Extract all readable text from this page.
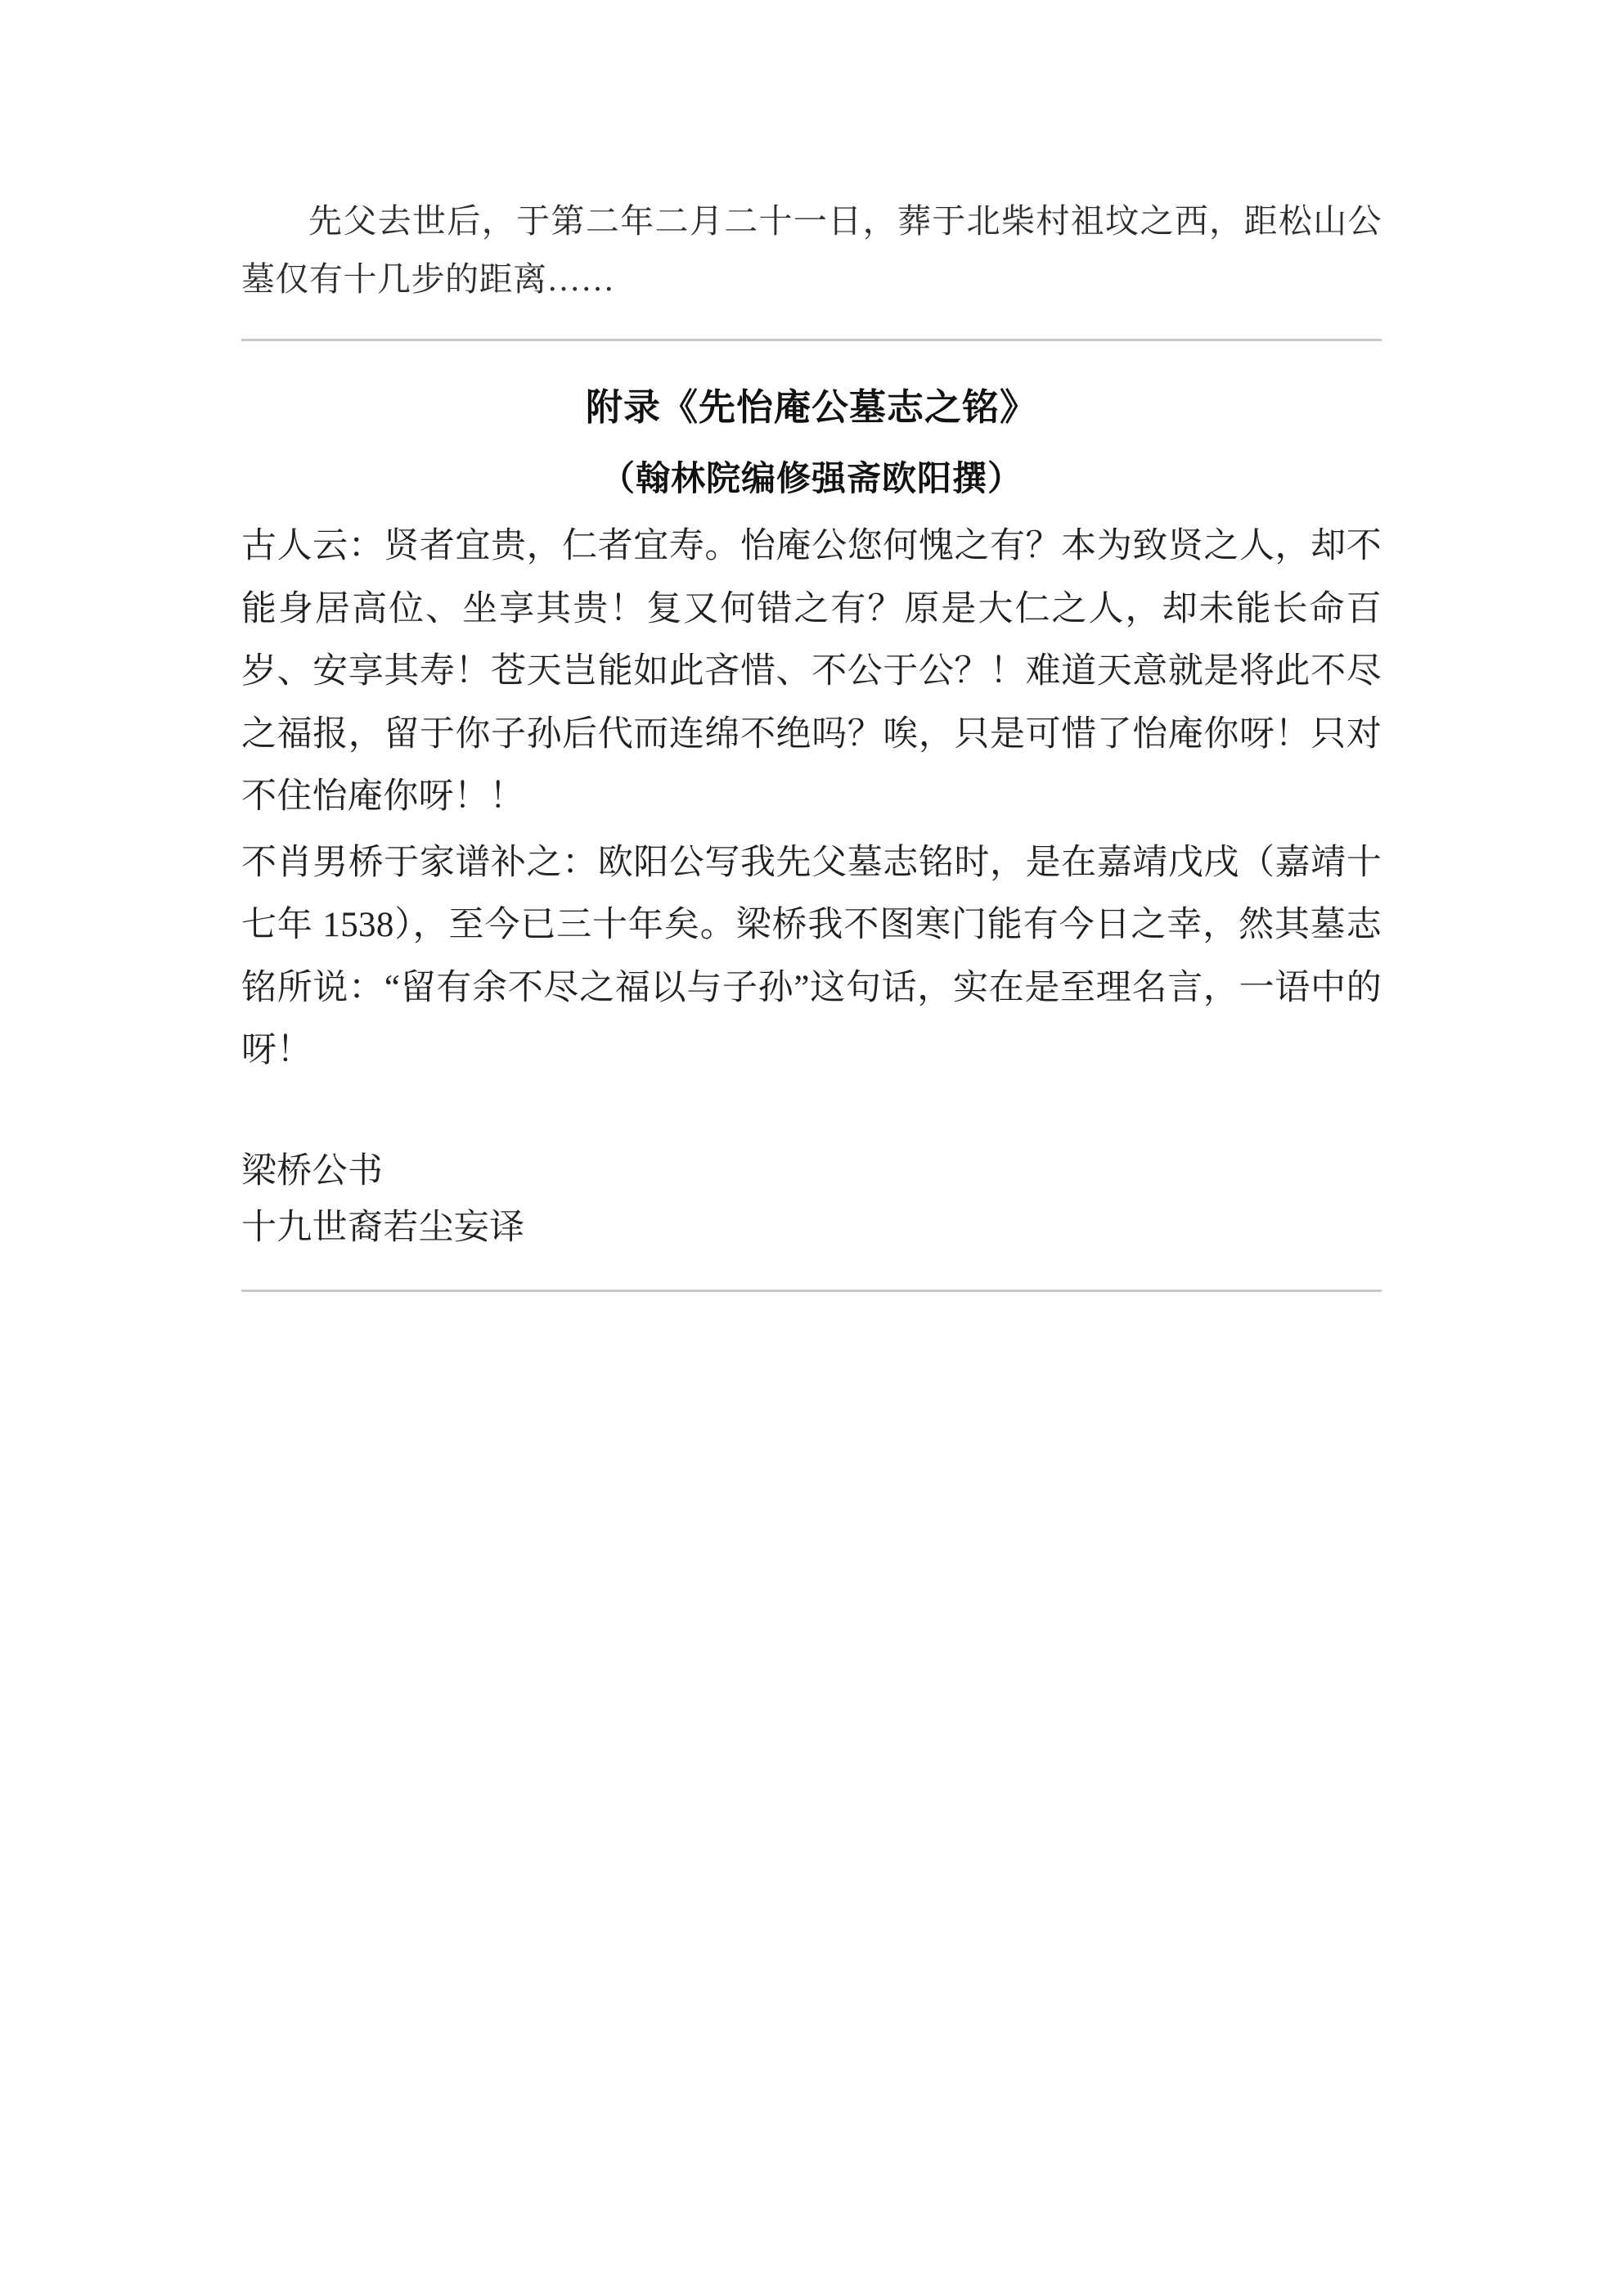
先父去世后，于第二年二月二十一日，葬于北柴村祖坟之西，距松山公墓仅有十几步的距离……

附录《先怡庵公墓志之铭》
（翰林院编修强斋欧阳撰）

古人云：贤者宜贵，仁者宜寿。怡庵公您何愧之有？本为致贤之人，却不能身居高位、坐享其贵！复又何错之有？原是大仁之人，却未能长命百岁、安享其寿！苍天岂能如此吝惜、不公于公？！难道天意就是将此不尽之福报，留于你子孙后代而连绵不绝吗？唉，只是可惜了怡庵你呀！只对不住怡庵你呀！！

不肖男桥于家谱补之：欧阳公写我先父墓志铭时，是在嘉靖戊戌（嘉靖十七年 1538），至今已三十年矣。梁桥我不图寒门能有今日之幸，然其墓志铭所说：“留有余不尽之福以与子孙”这句话，实在是至理名言，一语中的呀！

梁桥公书

十九世裔若尘妄译
